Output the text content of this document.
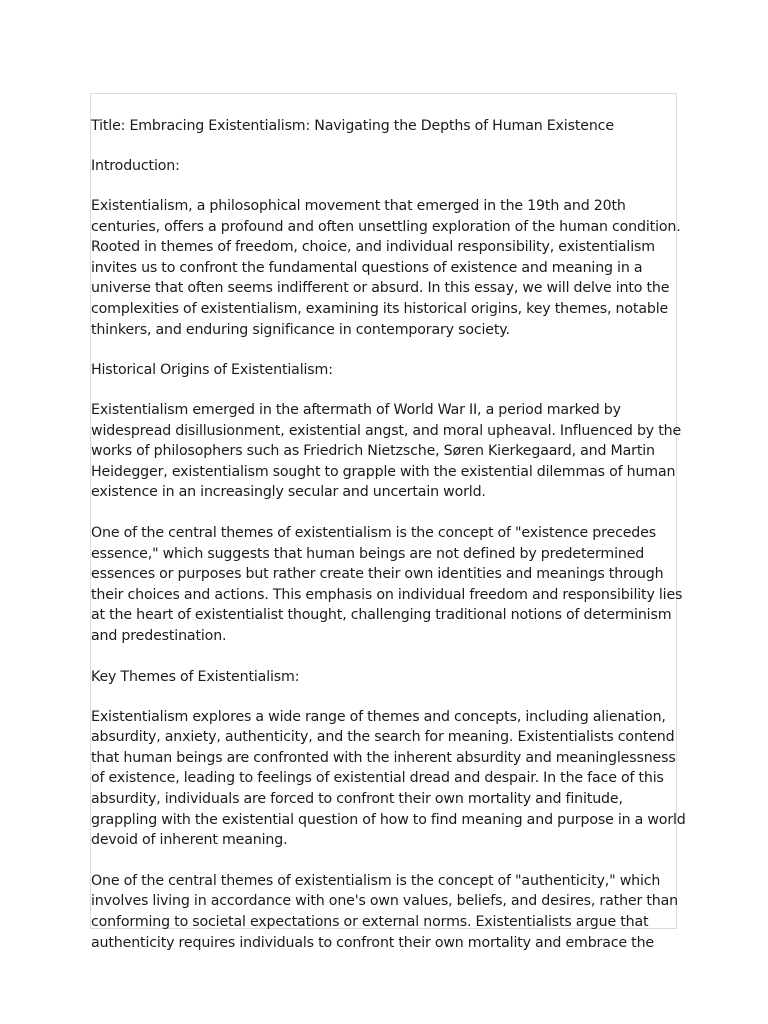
Title: Embracing Existentialism: Navigating the Depths of Human Existence

Introduction:

Existentialism, a philosophical movement that emerged in the 19th and 20th centuries, offers a profound and often unsettling exploration of the human condition. Rooted in themes of freedom, choice, and individual responsibility, existentialism invites us to confront the fundamental questions of existence and meaning in a universe that often seems indifferent or absurd. In this essay, we will delve into the complexities of existentialism, examining its historical origins, key themes, notable thinkers, and enduring significance in contemporary society.

Historical Origins of Existentialism:

Existentialism emerged in the aftermath of World War II, a period marked by widespread disillusionment, existential angst, and moral upheaval. Influenced by the works of philosophers such as Friedrich Nietzsche, Søren Kierkegaard, and Martin Heidegger, existentialism sought to grapple with the existential dilemmas of human existence in an increasingly secular and uncertain world.

One of the central themes of existentialism is the concept of "existence precedes essence," which suggests that human beings are not defined by predetermined essences or purposes but rather create their own identities and meanings through their choices and actions. This emphasis on individual freedom and responsibility lies at the heart of existentialist thought, challenging traditional notions of determinism and predestination.

Key Themes of Existentialism:

Existentialism explores a wide range of themes and concepts, including alienation, absurdity, anxiety, authenticity, and the search for meaning. Existentialists contend that human beings are confronted with the inherent absurdity and meaninglessness of existence, leading to feelings of existential dread and despair. In the face of this absurdity, individuals are forced to confront their own mortality and finitude, grappling with the existential question of how to find meaning and purpose in a world devoid of inherent meaning.

One of the central themes of existentialism is the concept of "authenticity," which involves living in accordance with one's own values, beliefs, and desires, rather than conforming to societal expectations or external norms. Existentialists argue that authenticity requires individuals to confront their own mortality and embrace the
